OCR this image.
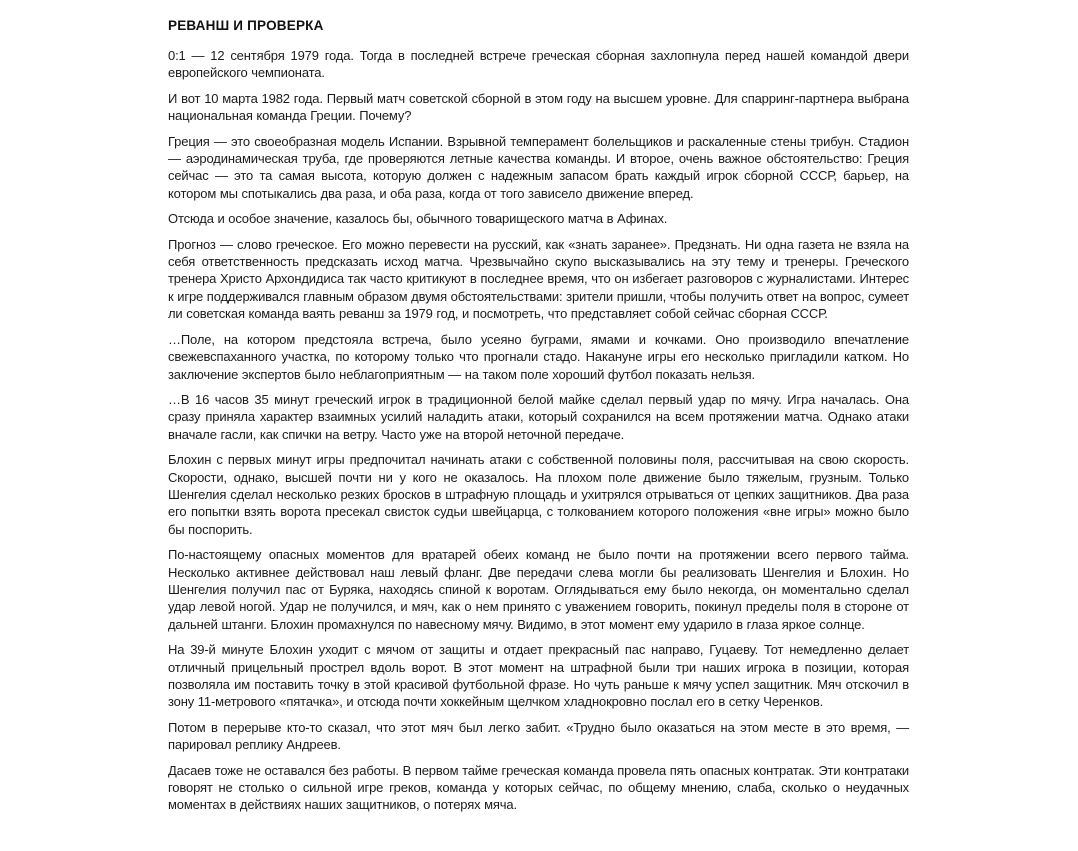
РЕВАНШ И ПРОВЕРКА

0:1 — 12 сентября 1979 года. Тогда в последней встрече греческая сборная захлопнула перед нашей командой двери европейского чемпионата.

И вот 10 марта 1982 года. Первый матч советской сборной в этом году на высшем уровне. Для спарринг-партнера выбрана национальная команда Греции. Почему?

Греция — это своеобразная модель Испании. Взрывной темперамент болельщиков и раскаленные стены трибун. Стадион — аэродинамическая труба, где проверяются летные качества команды. И второе, очень важное обстоятельство: Греция сейчас — это та самая высота, которую должен с надежным запасом брать каждый игрок сборной СССР, барьер, на котором мы спотыкались два раза, и оба раза, когда от того зависело движение вперед.

Отсюда и особое значение, казалось бы, обычного товарищеского матча в Афинах.

Прогноз — слово греческое. Его можно перевести на русский, как «знать заранее». Предзнать. Ни одна газета не взяла на себя ответственность предсказать исход матча. Чрезвычайно скупо высказывались на эту тему и тренеры. Греческого тренера Христо Архондидиса так часто критикуют в последнее время, что он избегает разговоров с журналистами. Интерес к игре поддерживался главным образом двумя обстоятельствами: зрители пришли, чтобы получить ответ на вопрос, сумеет ли советская команда ваять реванш за 1979 год, и посмотреть, что представляет собой сейчас сборная СССР.

…Поле, на котором предстояла встреча, было усеяно буграми, ямами и кочками. Оно производило впечатление свежевспаханного участка, по которому только что прогнали стадо. Накануне игры его несколько пригладили катком. Но заключение экспертов было неблагоприятным — на таком поле хороший футбол показать нельзя.

…В 16 часов 35 минут греческий игрок в традиционной белой майке сделал первый удар по мячу. Игра началась. Она сразу приняла характер взаимных усилий наладить атаки, который сохранился на всем протяжении матча. Однако атаки вначале гасли, как спички на ветру. Часто уже на второй неточной передаче.

Блохин с первых минут игры предпочитал начинать атаки с собственной половины поля, рассчитывая на свою скорость. Скорости, однако, высшей почти ни у кого не оказалось. На плохом поле движение было тяжелым, грузным. Только Шенгелия сделал несколько резких бросков в штрафную площадь и ухитрялся отрываться от цепких защитников. Два раза его попытки взять ворота пресекал свисток судьи швейцарца, с толкованием которого положения «вне игры» можно было бы поспорить.

По-настоящему опасных моментов для вратарей обеих команд не было почти на протяжении всего первого тайма. Несколько активнее действовал наш левый фланг. Две передачи слева могли бы реализовать Шенгелия и Блохин. Но Шенгелия получил пас от Буряка, находясь спиной к воротам. Оглядываться ему было некогда, он моментально сделал удар левой ногой. Удар не получился, и мяч, как о нем принято с уважением говорить, покинул пределы поля в стороне от дальней штанги. Блохин промахнулся по навесному мячу. Видимо, в этот момент ему ударило в глаза яркое солнце.

На 39-й минуте Блохин уходит с мячом от защиты и отдает прекрасный пас направо, Гуцаеву. Тот немедленно делает отличный прицельный прострел вдоль ворот. В этот момент на штрафной были три наших игрока в позиции, которая позволяла им поставить точку в этой красивой футбольной фразе. Но чуть раньше к мячу успел защитник. Мяч отскочил в зону 11-метрового «пятачка», и отсюда почти хоккейным щелчком хладнокровно послал его в сетку Черенков.

Потом в перерыве кто-то сказал, что этот мяч был легко забит. «Трудно было оказаться на этом месте в это время, — парировал реплику Андреев.

Дасаев тоже не оставался без работы. В первом тайме греческая команда провела пять опасных контратак. Эти контратаки говорят не столько о сильной игре греков, команда у которых сейчас, по общему мнению, слаба, сколько о неудачных моментах в действиях наших защитников, о потерях мяча.
